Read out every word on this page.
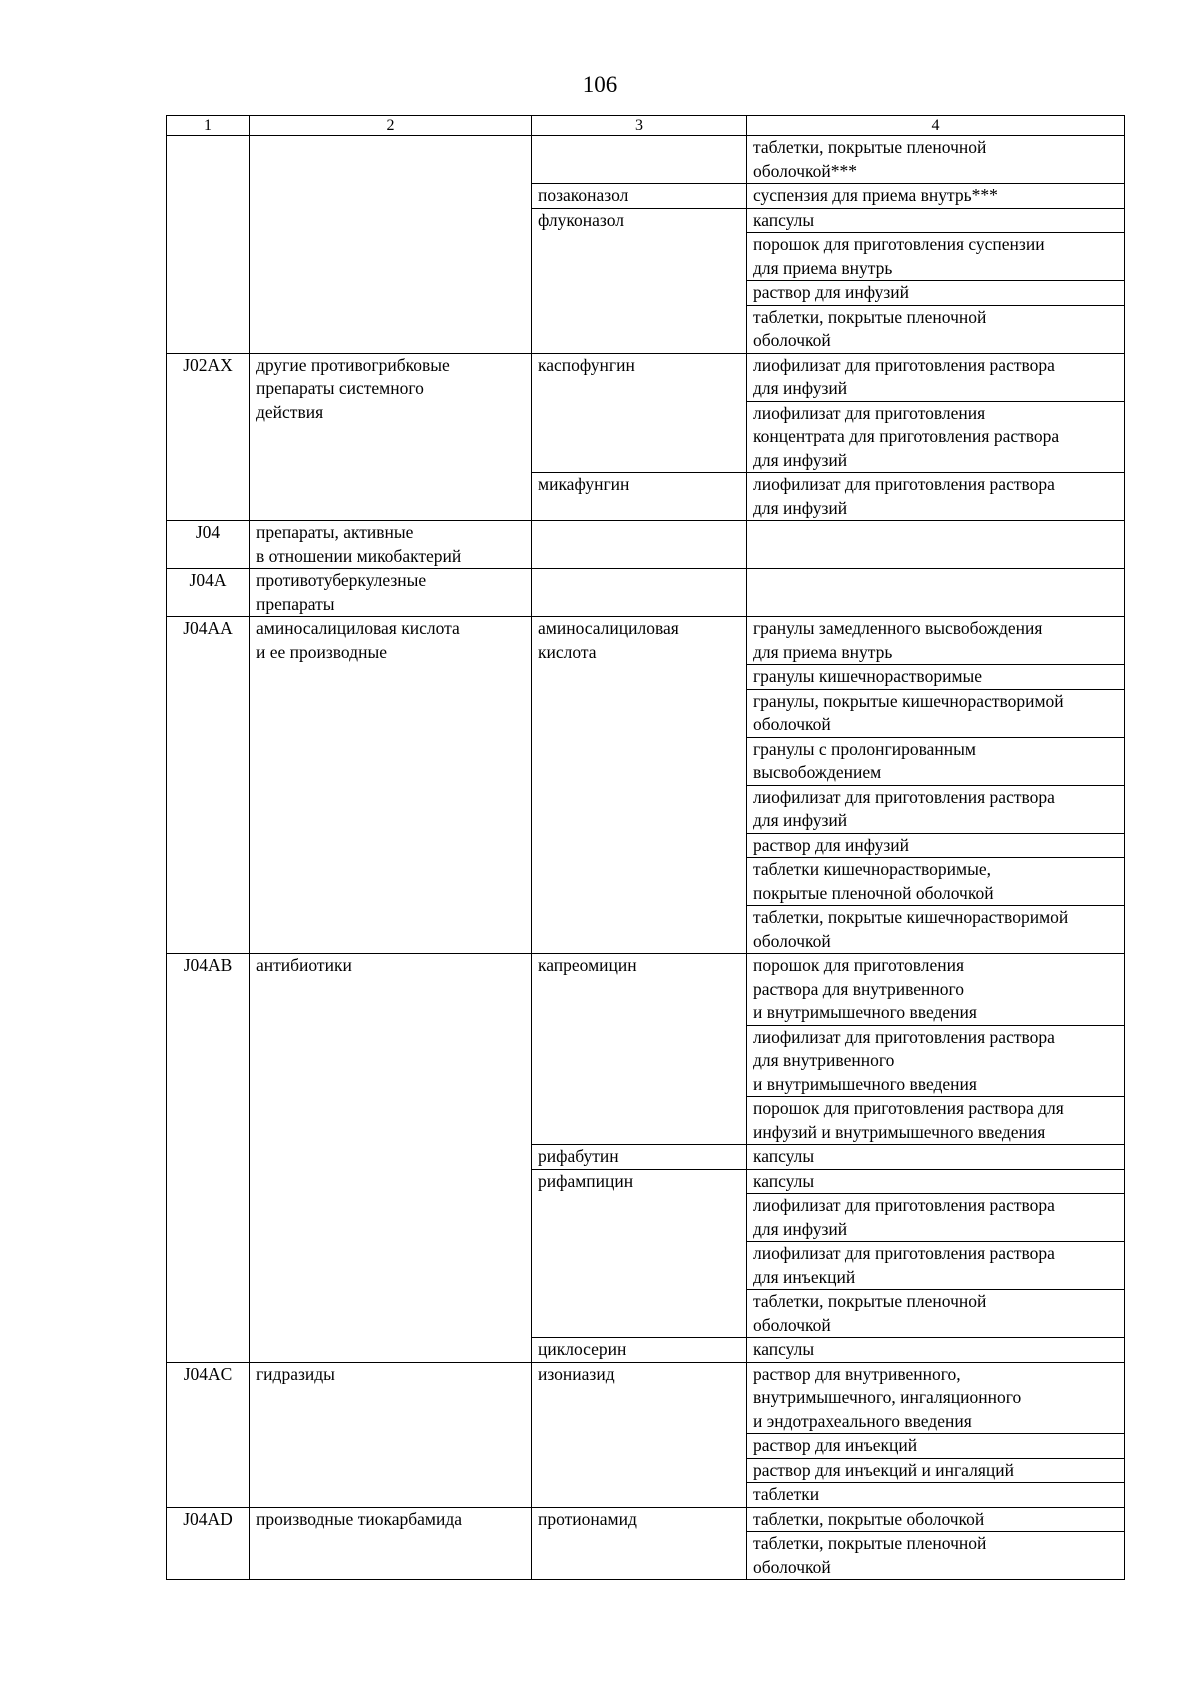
106
1	2	3	4
			таблетки, покрытые пленочной
оболочкой***
		позаконазол	суспензия для приема внутрь***
		флуконазол	капсулы
			порошок для приготовления суспензии
для приема внутрь
			раствор для инфузий
			таблетки, покрытые пленочной
оболочкой
J02AX	другие противогрибковые
препараты системного
действия	каспофунгин	лиофилизат для приготовления раствора
для инфузий
			лиофилизат для приготовления
концентрата для приготовления раствора
для инфузий
		микафунгин	лиофилизат для приготовления раствора
для инфузий
J04	препараты, активные
в отношении микобактерий		
J04A	противотуберкулезные
препараты		
J04AA	аминосалициловая кислота
и ее производные	аминосалициловая
кислота	гранулы замедленного высвобождения
для приема внутрь
			гранулы кишечнорастворимые
			гранулы, покрытые кишечнорастворимой
оболочкой
			гранулы с пролонгированным
высвобождением
			лиофилизат для приготовления раствора
для инфузий
			раствор для инфузий
			таблетки кишечнорастворимые,
покрытые пленочной оболочкой
			таблетки, покрытые кишечнорастворимой
оболочкой
J04AB	антибиотики	капреомицин	порошок для приготовления
раствора для внутривенного
и внутримышечного введения
			лиофилизат для приготовления раствора
для внутривенного
и внутримышечного введения
			порошок для приготовления раствора для
инфузий и внутримышечного введения
		рифабутин	капсулы
		рифампицин	капсулы
			лиофилизат для приготовления раствора
для инфузий
			лиофилизат для приготовления раствора
для инъекций
			таблетки, покрытые пленочной
оболочкой
		циклосерин	капсулы
J04AC	гидразиды	изониазид	раствор для внутривенного,
внутримышечного, ингаляционного
и эндотрахеального введения
			раствор для инъекций
			раствор для инъекций и ингаляций
			таблетки
J04AD	производные тиокарбамида	протионамид	таблетки, покрытые оболочкой
			таблетки, покрытые пленочной
оболочкой
